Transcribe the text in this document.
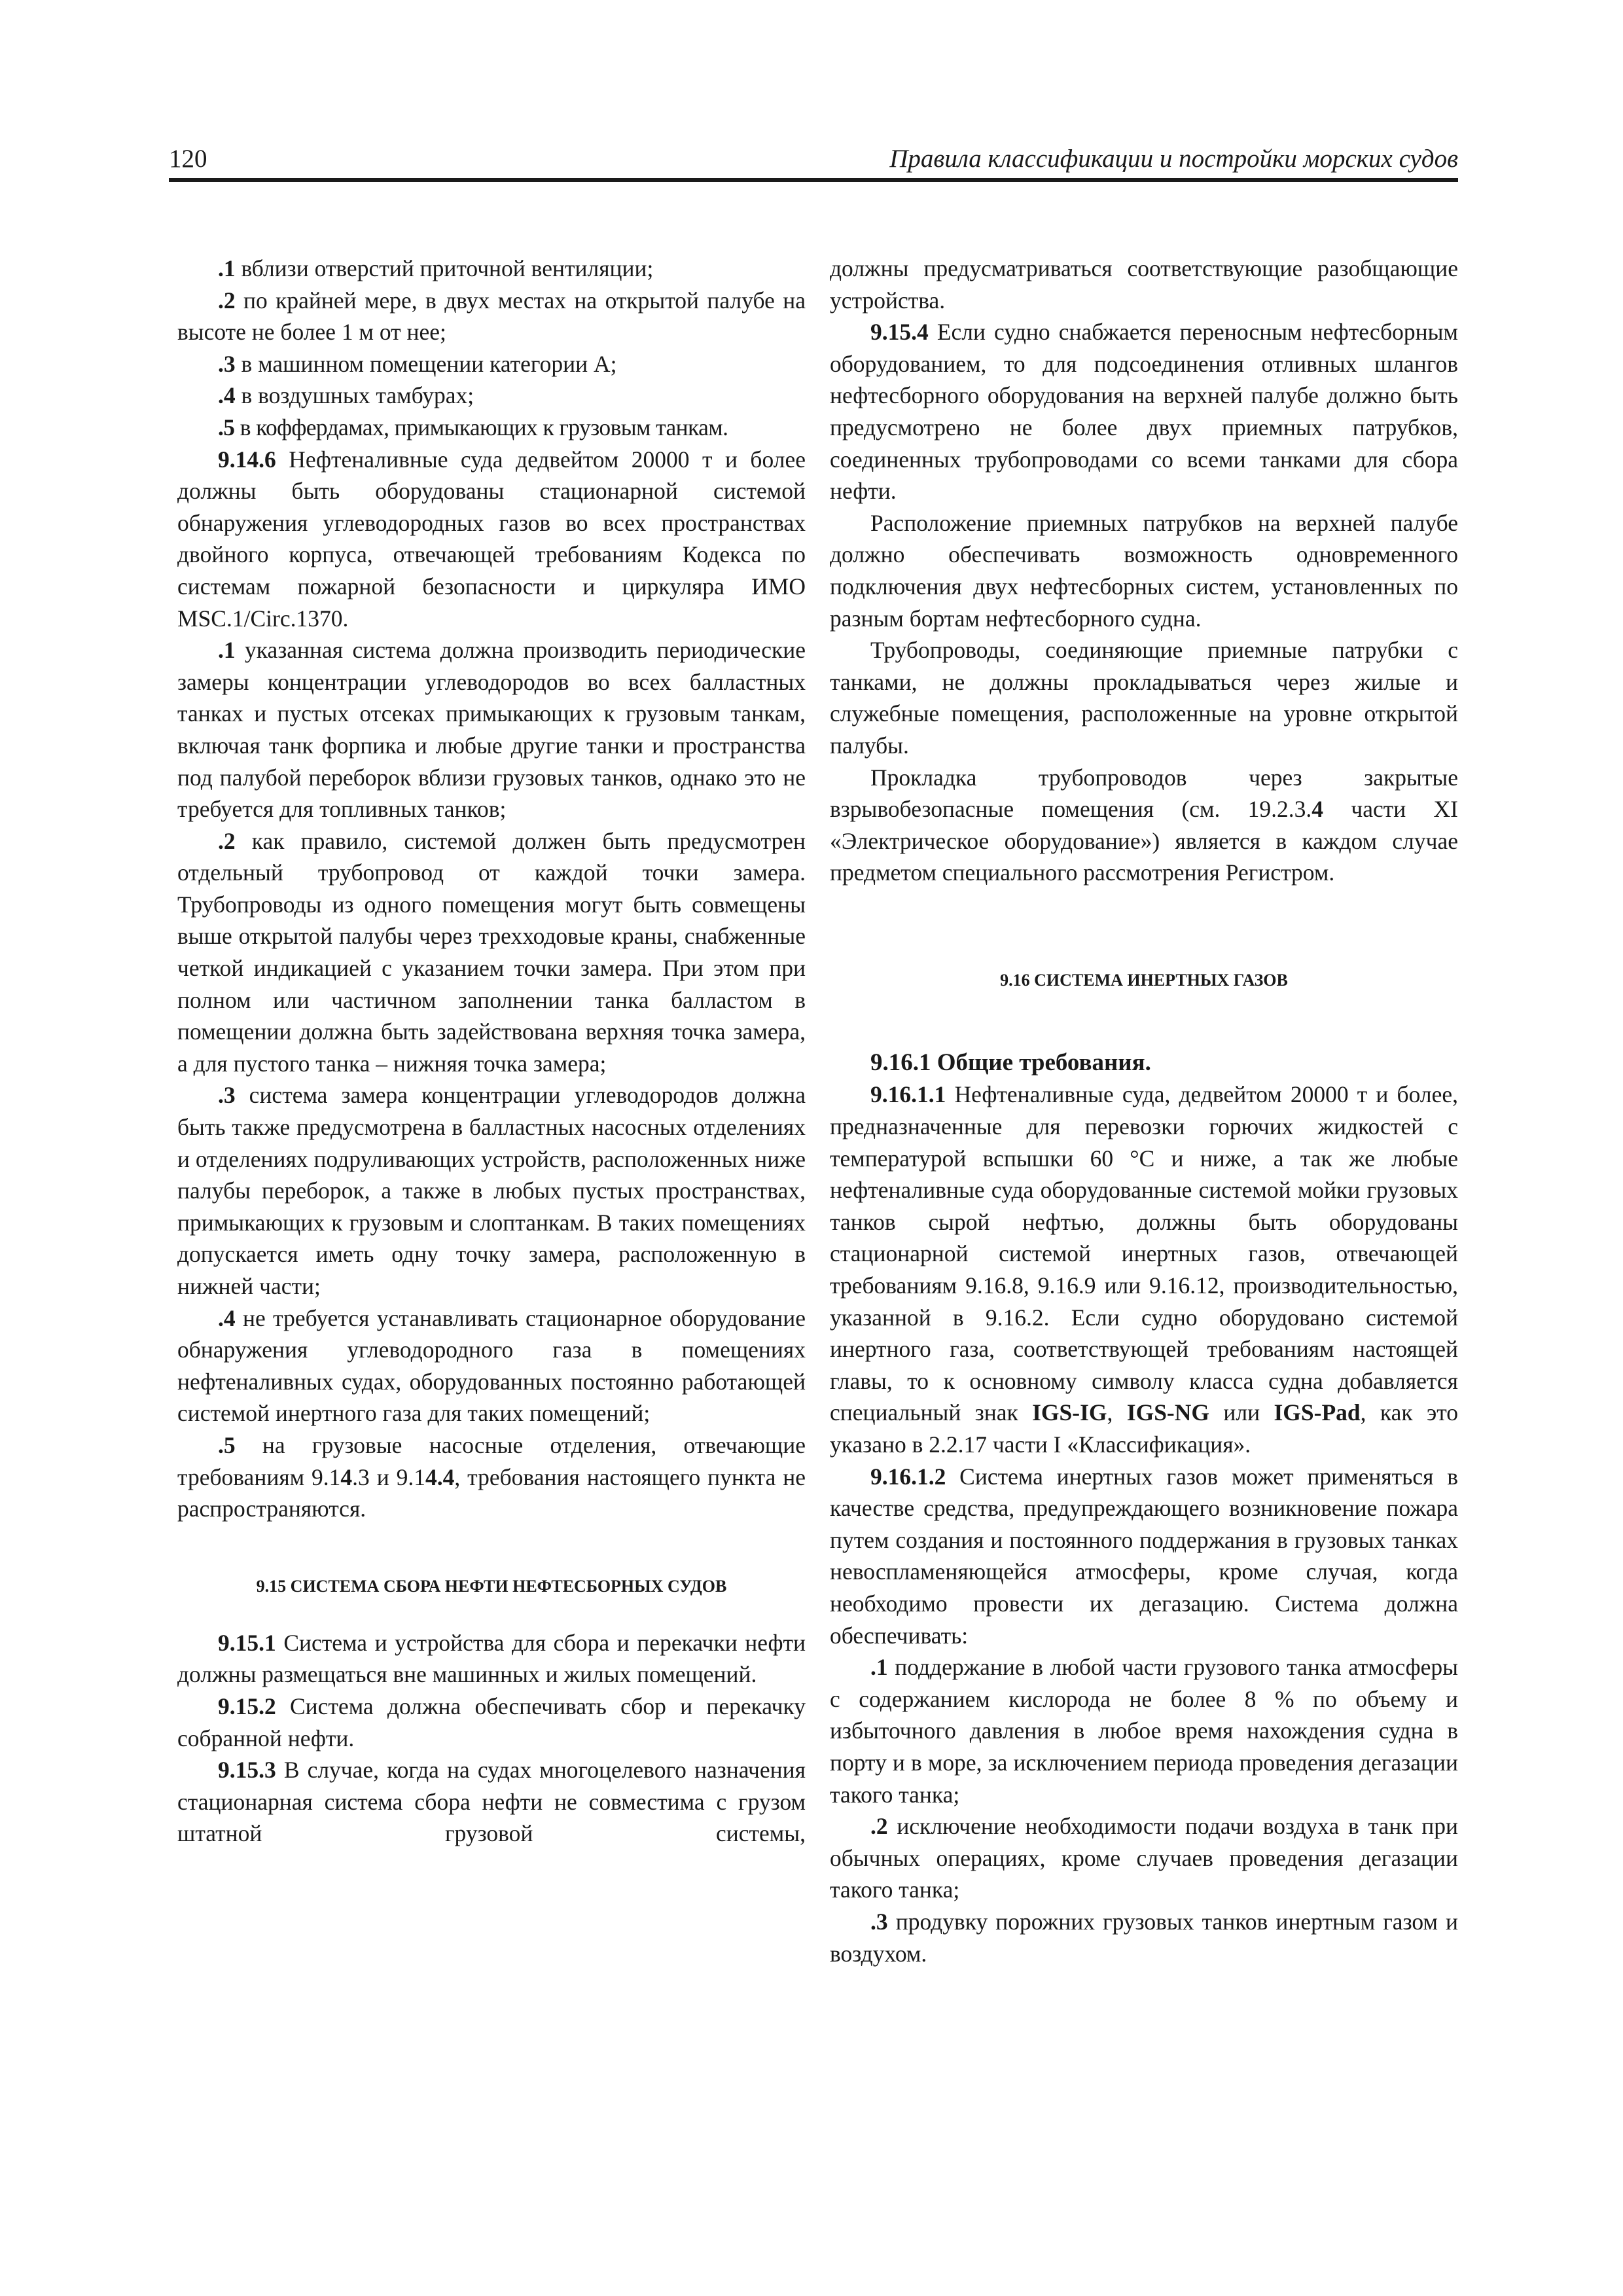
120	Правила классификации и постройки морских судов

.1 вблизи отверстий приточной вентиляции;

.2 по крайней мере, в двух местах на открытой палубе на высоте не более 1 м от нее;

.3 в машинном помещении категории А;

.4 в воздушных тамбурах;

.5 в коффердамах, примыкающих к грузовым танкам.

9.14.6 Нефтеналивные суда дедвейтом 20000 т и более должны быть оборудованы стационарной системой обнаружения углеводородных газов во всех пространствах двойного корпуса, отвечающей требованиям Кодекса по системам пожарной безопасности и циркуляра ИМО MSC.1/Circ.1370.

.1 указанная система должна производить периодические замеры концентрации углеводородов во всех балластных танках и пустых отсеках примыкающих к грузовым танкам, включая танк форпика и любые другие танки и пространства под палубой переборок вблизи грузовых танков, однако это не требуется для топливных танков;

.2 как правило, системой должен быть предусмотрен отдельный трубопровод от каждой точки замера. Трубопроводы из одного помещения могут быть совмещены выше открытой палубы через трехходовые краны, снабженные четкой индикацией с указанием точки замера. При этом при полном или частичном заполнении танка балластом в помещении должна быть задействована верхняя точка замера, а для пустого танка – нижняя точка замера;

.3 система замера концентрации углеводородов должна быть также предусмотрена в балластных насосных отделениях и отделениях подруливающих устройств, расположенных ниже палубы переборок, а также в любых пустых пространствах, примыкающих к грузовым и слоптанкам. В таких помещениях допускается иметь одну точку замера, расположенную в нижней части;

.4 не требуется устанавливать стационарное оборудование обнаружения углеводородного газа в помещениях нефтеналивных судах, оборудованных постоянно работающей системой инертного газа для таких помещений;

.5 на грузовые насосные отделения, отвечающие требованиям 9.14.3 и 9.14.4, требования настоящего пункта не распространяются.

9.15 СИСТЕМА СБОРА НЕФТИ НЕФТЕСБОРНЫХ СУДОВ

9.15.1 Система и устройства для сбора и перекачки нефти должны размещаться вне машинных и жилых помещений.

9.15.2 Система должна обеспечивать сбор и перекачку собранной нефти.

9.15.3 В случае, когда на судах многоцелевого назначения стационарная система сбора нефти не совместима с грузом штатной грузовой системы,

должны предусматриваться соответствующие разобщающие устройства.

9.15.4 Если судно снабжается переносным нефтесборным оборудованием, то для подсоединения отливных шлангов нефтесборного оборудования на верхней палубе должно быть предусмотрено не более двух приемных патрубков, соединенных трубопроводами со всеми танками для сбора нефти.

Расположение приемных патрубков на верхней палубе должно обеспечивать возможность одновременного подключения двух нефтесборных систем, установленных по разным бортам нефтесборного судна.

Трубопроводы, соединяющие приемные патрубки с танками, не должны прокладываться через жилые и служебные помещения, расположенные на уровне открытой палубы.

Прокладка трубопроводов через закрытые взрывобезопасные помещения (см. 19.2.3.4 части XI «Электрическое оборудование») является в каждом случае предметом специального рассмотрения Регистром.

9.16 СИСТЕМА ИНЕРТНЫХ ГАЗОВ

9.16.1 Общие требования.

9.16.1.1 Нефтеналивные суда, дедвейтом 20000 т и более, предназначенные для перевозки горючих жидкостей с температурой вспышки 60 °С и ниже, а так же любые нефтеналивные суда оборудованные системой мойки грузовых танков сырой нефтью, должны быть оборудованы стационарной системой инертных газов, отвечающей требованиям 9.16.8, 9.16.9 или 9.16.12, производительностью, указанной в 9.16.2. Если судно оборудовано системой инертного газа, соответствующей требованиям настоящей главы, то к основному символу класса судна добавляется специальный знак IGS-IG, IGS-NG или IGS-Pad, как это указано в 2.2.17 части I «Классификация».

9.16.1.2 Система инертных газов может применяться в качестве средства, предупреждающего возникновение пожара путем создания и постоянного поддержания в грузовых танках невоспламеняющейся атмосферы, кроме случая, когда необходимо провести их дегазацию. Система должна обеспечивать:

.1 поддержание в любой части грузового танка атмосферы с содержанием кислорода не более 8 % по объему и избыточного давления в любое время нахождения судна в порту и в море, за исключением периода проведения дегазации такого танка;

.2 исключение необходимости подачи воздуха в танк при обычных операциях, кроме случаев проведения дегазации такого танка;

.3 продувку порожних грузовых танков инертным газом и воздухом.
